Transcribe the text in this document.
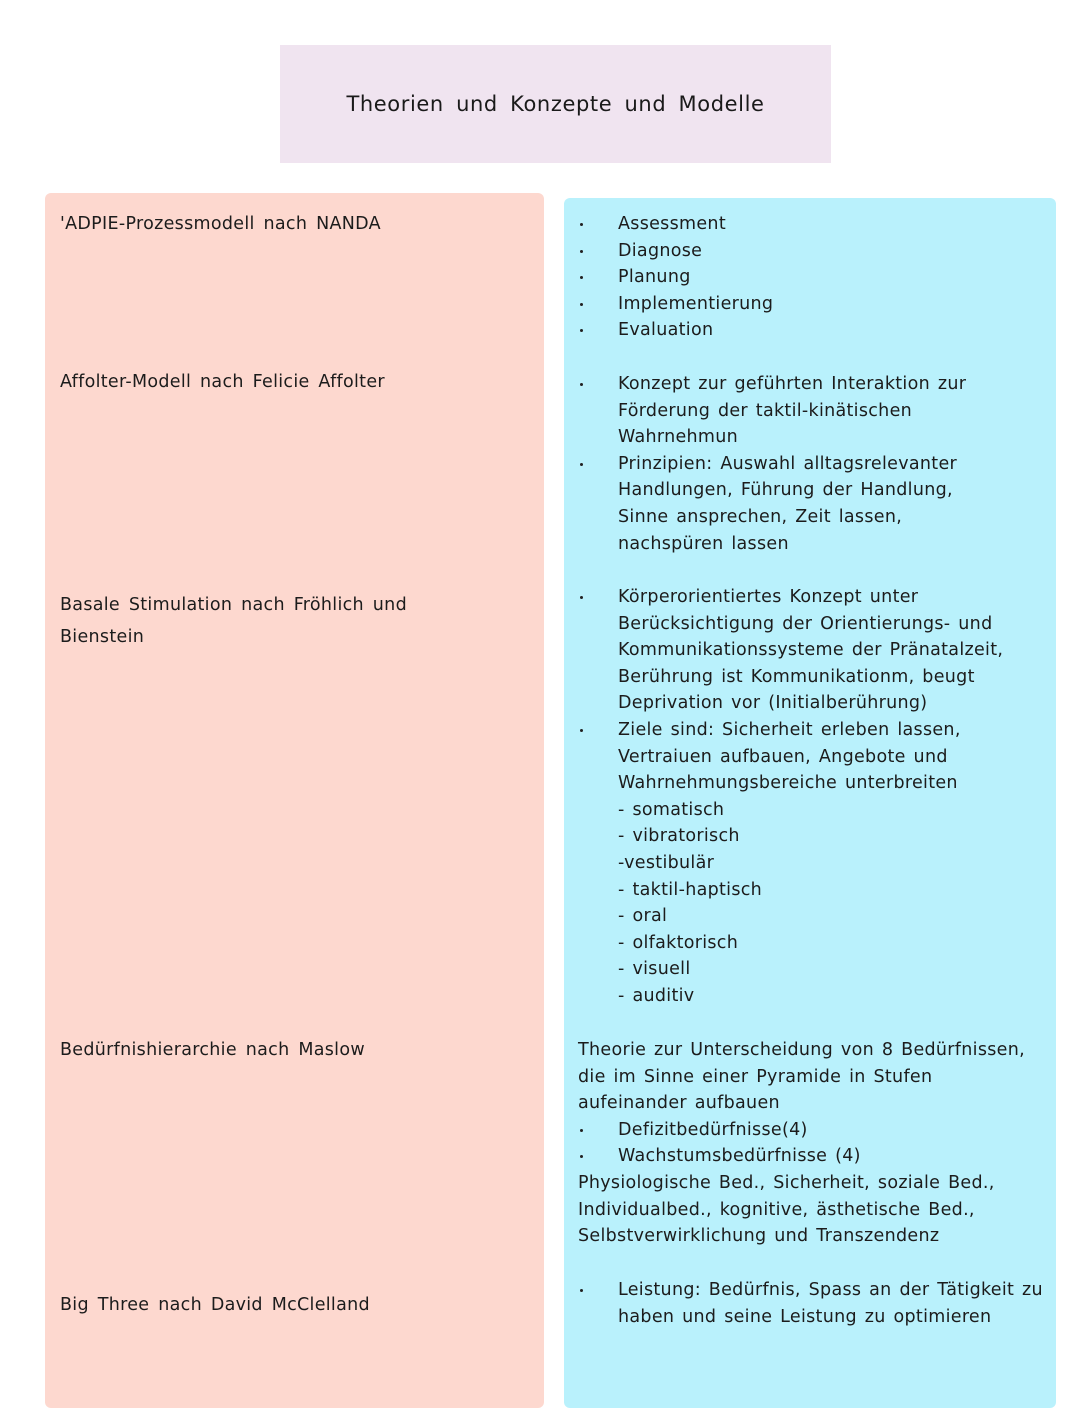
Theorien und Konzepte und Modelle

'ADPIE-Prozessmodell nach NANDA

Affolter-Modell nach Felicie Affolter

Basale Stimulation nach Fröhlich und Bienstein

Bedürfnishierarchie nach Maslow

Big Three nach David McClelland

Assessment
Diagnose
Planung
Implementierung
Evaluation
Konzept zur geführten Interaktion zur Förderung der taktil-kinätischen Wahrnehmun
Prinzipien: Auswahl alltagsrelevanter Handlungen, Führung der Handlung, Sinne ansprechen, Zeit lassen, nachspüren lassen
Körperorientiertes Konzept unter Berücksichtigung der Orientierungs- und Kommunikationssysteme der Pränatalzeit, Berührung ist Kommunikationm, beugt Deprivation vor (Initialberührung)
Ziele sind: Sicherheit erleben lassen, Vertraiuen aufbauen, Angebote und Wahrnehmungsbereiche unterbreiten
- somatisch
- vibratorisch
-vestibulär
- taktil-haptisch
- oral
- olfaktorisch
- visuell
- auditiv

Theorie zur Unterscheidung von 8 Bedürfnissen, die im Sinne einer Pyramide in Stufen aufeinander aufbauen

Defizitbedürfnisse(4)
Wachstumsbedürfnisse (4)

Physiologische Bed., Sicherheit, soziale Bed., Individualbed., kognitive, ästhetische Bed., Selbstverwirklichung und Transzendenz

Leistung: Bedürfnis, Spass an der Tätigkeit zu haben und seine Leistung zu optimieren
